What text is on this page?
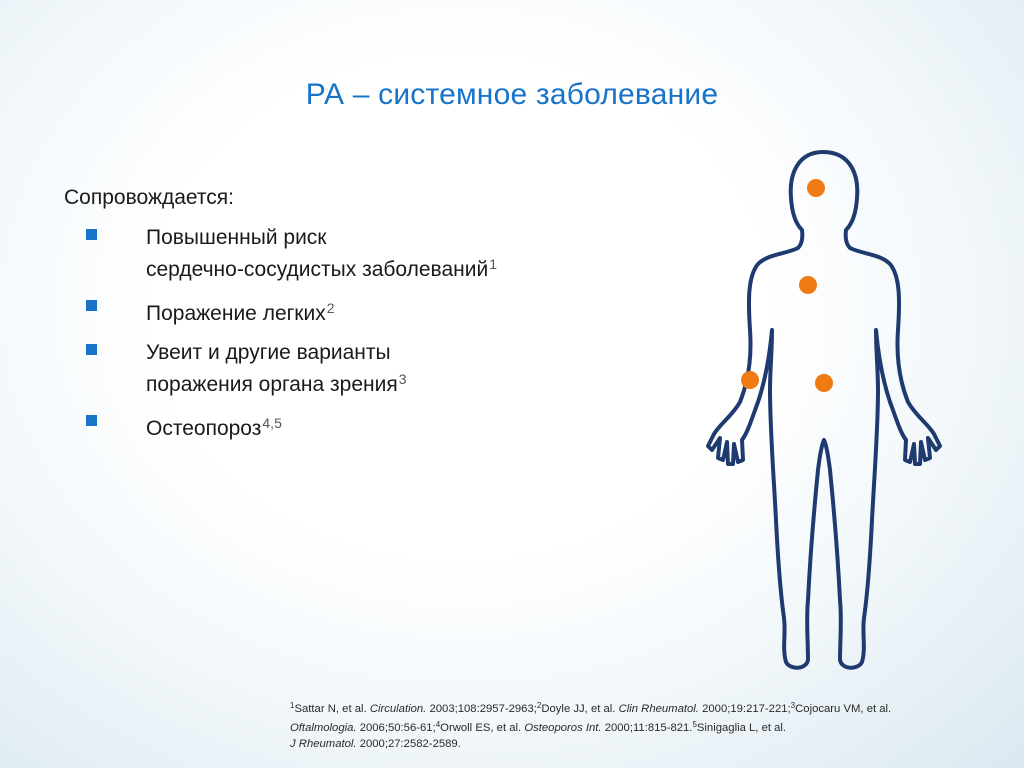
РА – системное заболевание
Сопровождается:
Повышенный риск
сердечно-сосудистых заболеваний$^1$
Поражение легких$^2$
Увеит и другие варианты
поражения органа зрения$^3$
Остеопороз$^{4,5}$
$^1$Sattar N, et al. Circulation. 2003;108:2957-2963;$^2$Doyle JJ, et al. Clin Rheumatol. 2000;19:217-221;$^3$Cojocaru VM, et al.
Oftalmologia. 2006;50:56-61;$^4$Orwoll ES, et al. Osteoporos Int. 2000;11:815-821.$^5$Sinigaglia L, et al.
J Rheumatol. 2000;27:2582-2589.
